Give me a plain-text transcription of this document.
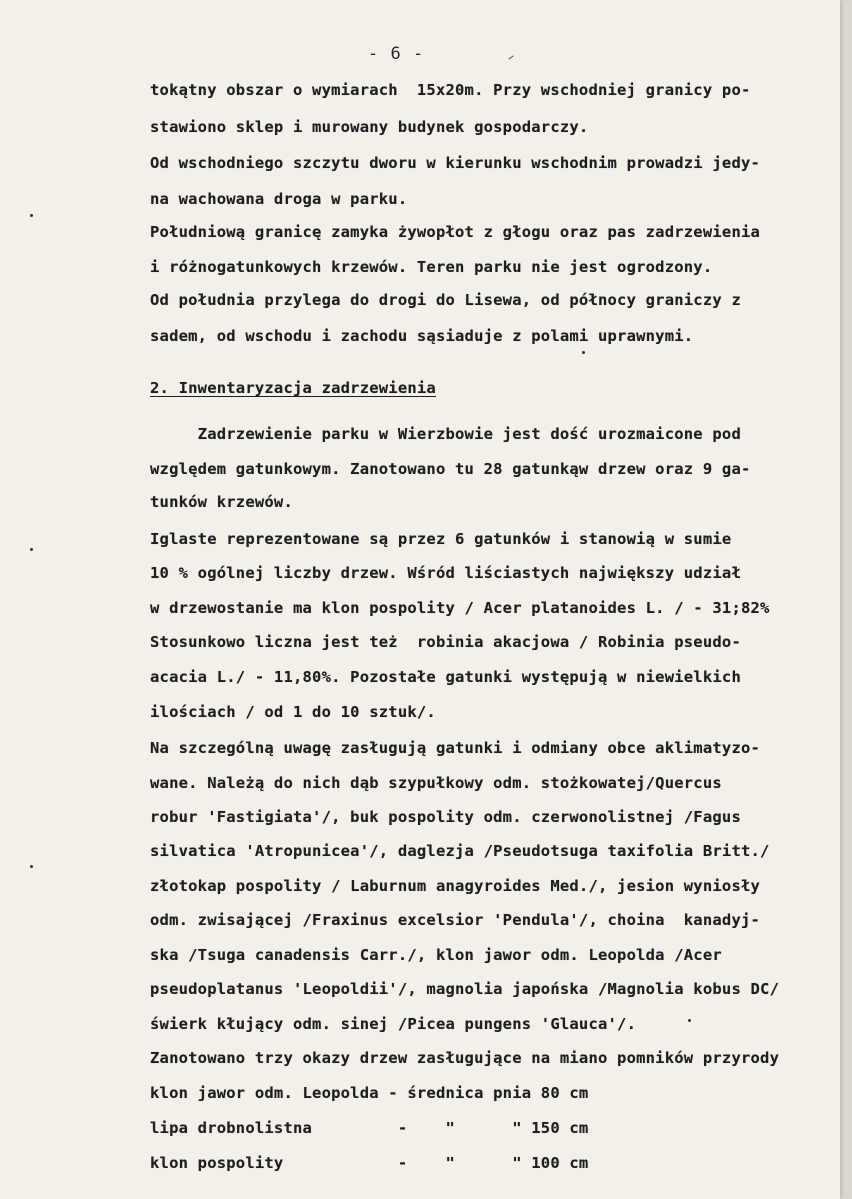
- 6 -
tokątny obszar o wymiarach  15x20m. Przy wschodniej granicy po-
stawiono sklep i murowany budynek gospodarczy.
Od wschodniego szczytu dworu w kierunku wschodnim prowadzi jedy-
na wachowana droga w parku.
Południową granicę zamyka żywopłot z głogu oraz pas zadrzewienia
i różnogatunkowych krzewów. Teren parku nie jest ogrodzony.
Od południa przylega do drogi do Lisewa, od północy graniczy z
sadem, od wschodu i zachodu sąsiaduje z polami uprawnymi.
2. Inwentaryzacja zadrzewienia
Zadrzewienie parku w Wierzbowie jest dość urozmaicone pod
względem gatunkowym. Zanotowano tu 28 gatunkąw drzew oraz 9 ga-
tunków krzewów.
Iglaste reprezentowane są przez 6 gatunków i stanowią w sumie
10 % ogólnej liczby drzew. Wśród liściastych największy udział
w drzewostanie ma klon pospolity / Acer platanoides L. / - 31;82%
Stosunkowo liczna jest też  robinia akacjowa / Robinia pseudo-
acacia L./ - 11,80%. Pozostałe gatunki występują w niewielkich
ilościach / od 1 do 10 sztuk/.
Na szczególną uwagę zasługują gatunki i odmiany obce aklimatyzo-
wane. Należą do nich dąb szypułkowy odm. stożkowatej/Quercus
robur 'Fastigiata'/, buk pospolity odm. czerwonolistnej /Fagus
silvatica 'Atropunicea'/, daglezja /Pseudotsuga taxifolia Britt./
złotokap pospolity / Laburnum anagyroides Med./, jesion wyniosły
odm. zwisającej /Fraxinus excelsior 'Pendula'/, choina  kanadyj-
ska /Tsuga canadensis Carr./, klon jawor odm. Leopolda /Acer
pseudoplatanus 'Leopoldii'/, magnolia japońska /Magnolia kobus DC/
świerk kłujący odm. sinej /Picea pungens 'Glauca'/.
Zanotowano trzy okazy drzew zasługujące na miano pomników przyrody
klon jawor odm. Leopolda - średnica pnia 80 cm
lipa drobnolistna         -    "      " 150 cm
klon pospolity            -    "      " 100 cm
